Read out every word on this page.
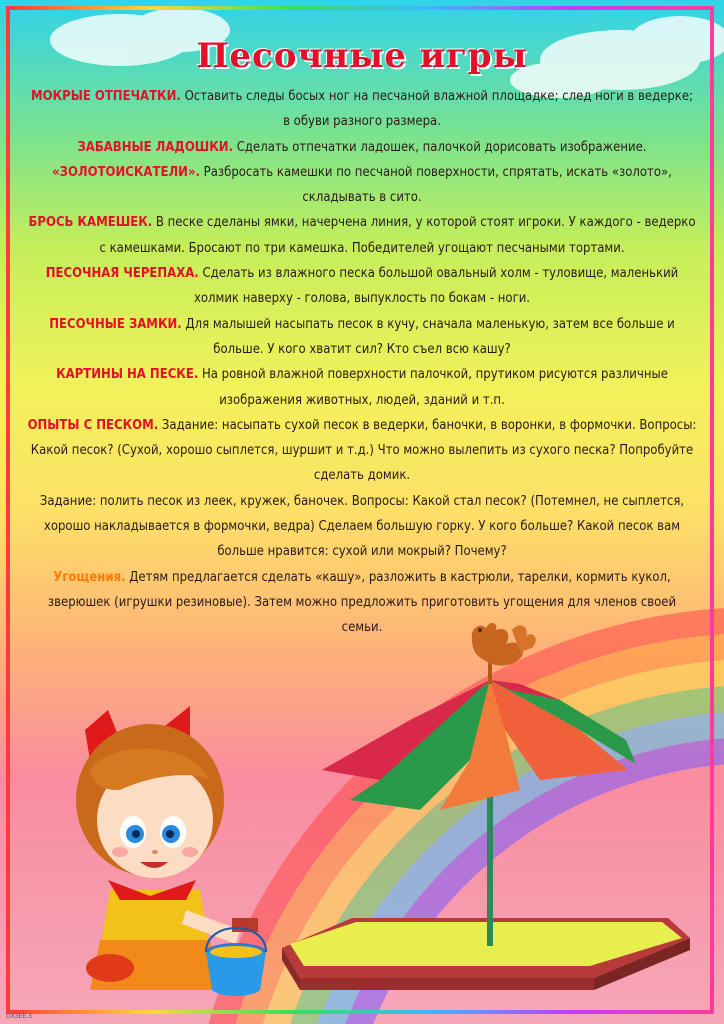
Песочные игры

МОКРЫЕ ОТПЕЧАТКИ. Оставить следы босых ног на песчаной влажной площадке; след ноги в ведерке; в обуви разного размера.

ЗАБАВНЫЕ ЛАДОШКИ. Сделать отпечатки ладошек, палочкой дорисовать изображение.

«ЗОЛОТОИСКАТЕЛИ». Разбросать камешки по песчаной поверхности, спрятать, искать «золото», складывать в сито.

БРОСЬ КАМЕШЕК. В песке сделаны ямки, начерчена линия, у которой стоят игроки. У каждого - ведерко с камешками. Бросают по три камешка. Победителей угощают песчаными тортами.

ПЕСОЧНАЯ ЧЕРЕПАХА. Сделать из влажного песка большой овальный холм - туловище, маленький холмик наверху - голова, выпуклость по бокам - ноги.

ПЕСОЧНЫЕ ЗАМКИ. Для малышей насыпать песок в кучу, сначала маленькую, затем все больше и больше. У кого хватит сил? Кто съел всю кашу?

КАРТИНЫ НА ПЕСКЕ. На ровной влажной поверхности палочкой, прутиком рисуются различные изображения животных, людей, зданий и т.п.

ОПЫТЫ С ПЕСКОМ. Задание: насыпать сухой песок в ведерки, баночки, в воронки, в формочки. Вопросы: Какой песок? (Сухой, хорошо сыплется, шуршит и т.д.) Что можно вылепить из сухого песка? Попробуйте сделать домик.

Задание: полить песок из леек, кружек, баночек. Вопросы: Какой стал песок? (Потемнел, не сыплется, хорошо накладывается в формочки, ведра) Сделаем большую горку. У кого больше? Какой песок вам больше нравится: сухой или мокрый? Почему?

Угощения. Детям предлагается сделать «кашу», разложить в кастрюли, тарелки, кормить кукол, зверюшек (игрушки резиновые). Затем можно предложить приготовить угощения для членов своей семьи.

DX3EE.3
